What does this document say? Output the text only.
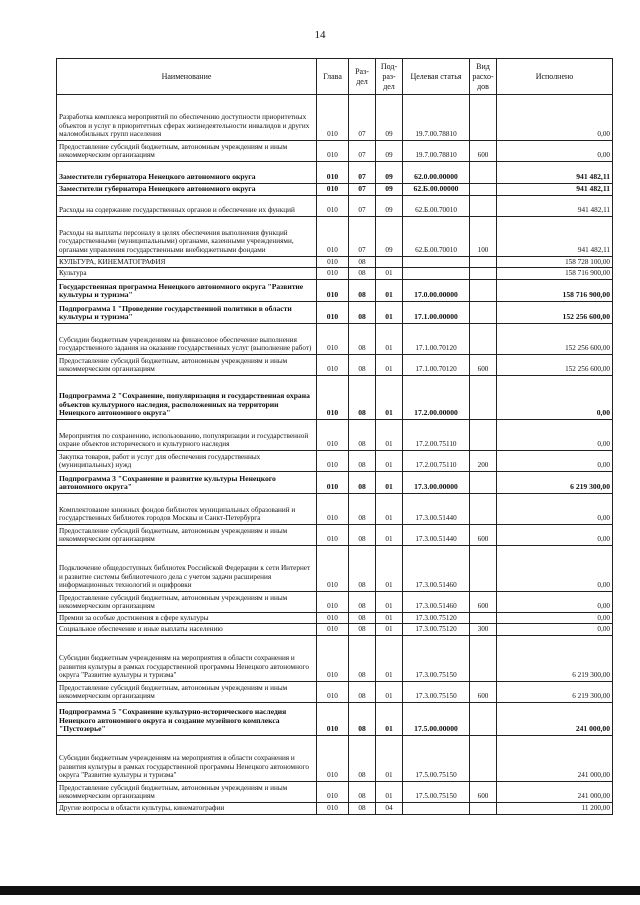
14
Наименование	Глава	Раз-дел	Под-раз-дел	Целевая статья	Вид расхо-дов	Исполнено
Разработка комплекса мероприятий по обеспечению доступности приоритетных объектов и услуг в приоритетных сферах жизнедеятельности инвалидов и других маломобильных групп населения	010	07	09	19.7.00.78810		0,00
Предоставление субсидий бюджетным, автономным учреждениям и иным некоммерческим организациям	010	07	09	19.7.00.78810	600	0,00
Заместители губернатора Ненецкого автономного округа	010	07	09	62.0.00.00000		941 482,11
Заместители губернатора Ненецкого автономного округа	010	07	09	62.Б.00.00000		941 482,11
Расходы на содержание государственных органов и обеспечение их функций	010	07	09	62.Б.00.70010		941 482,11
Расходы на выплаты персоналу в целях обеспечения выполнения функций государственными (муниципальными) органами, казенными учреждениями, органами управления государственными внебюджетными фондами	010	07	09	62.Б.00.70010	100	941 482,11
КУЛЬТУРА, КИНЕМАТОГРАФИЯ	010	08				158 728 100,00
Культура	010	08	01			158 716 900,00
Государственная программа Ненецкого автономного округа "Развитие культуры и туризма"	010	08	01	17.0.00.00000		158 716 900,00
Подпрограмма 1 "Проведение государственной политики в области культуры и туризма"	010	08	01	17.1.00.00000		152 256 600,00
Субсидии бюджетным учреждениям на финансовое обеспечение выполнения государственного задания на оказание государственных услуг (выполнение работ)	010	08	01	17.1.00.70120		152 256 600,00
Предоставление субсидий бюджетным, автономным учреждениям и иным некоммерческим организациям	010	08	01	17.1.00.70120	600	152 256 600,00
Подпрограмма 2 "Сохранение, популяризация и государственная охрана объектов культурного наследия, расположенных на территории Ненецкого автономного округа"	010	08	01	17.2.00.00000		0,00
Мероприятия по сохранению, использованию, популяризации и государственной охране объектов исторического и культурного наследия	010	08	01	17.2.00.75110		0,00
Закупка товаров, работ и услуг для обеспечения государственных (муниципальных) нужд	010	08	01	17.2.00.75110	200	0,00
Подпрограмма 3 "Сохранение и развитие культуры Ненецкого автономного округа"	010	08	01	17.3.00.00000		6 219 300,00
Комплектование книжных фондов библиотек муниципальных образований и государственных библиотек городов Москвы и Санкт-Петербурга	010	08	01	17.3.00.51440		0,00
Предоставление субсидий бюджетным, автономным учреждениям и иным некоммерческим организациям	010	08	01	17.3.00.51440	600	0,00
Подключение общедоступных библиотек Российской Федерации к сети Интернет и развитие системы библиотечного дела с учетом задачи расширения информационных технологий и оцифровки	010	08	01	17.3.00.51460		0,00
Предоставление субсидий бюджетным, автономным учреждениям и иным некоммерческим организациям	010	08	01	17.3.00.51460	600	0,00
Премии за особые достижения в сфере культуры	010	08	01	17.3.00.75120		0,00
Социальное обеспечение и иные выплаты населению	010	08	01	17.3.00.75120	300	0,00
Субсидии бюджетным учреждениям на мероприятия в области сохранения и развития культуры в рамках государственной программы Ненецкого автономного округа "Развитие культуры и туризма"	010	08	01	17.3.00.75150		6 219 300,00
Предоставление субсидий бюджетным, автономным учреждениям и иным некоммерческим организациям	010	08	01	17.3.00.75150	600	6 219 300,00
Подпрограмма 5 "Сохранение культурно-исторического наследия Ненецкого автономного округа и создание музейного комплекса "Пустозерье"	010	08	01	17.5.00.00000		241 000,00
Субсидии бюджетным учреждениям на мероприятия в области сохранения и развития культуры в рамках государственной программы Ненецкого автономного округа "Развитие культуры и туризма"	010	08	01	17.5.00.75150		241 000,00
Предоставление субсидий бюджетным, автономным учреждениям и иным некоммерческим организациям	010	08	01	17.5.00.75150	600	241 000,00
Другие вопросы в области культуры, кинематографии	010	08	04			11 200,00
